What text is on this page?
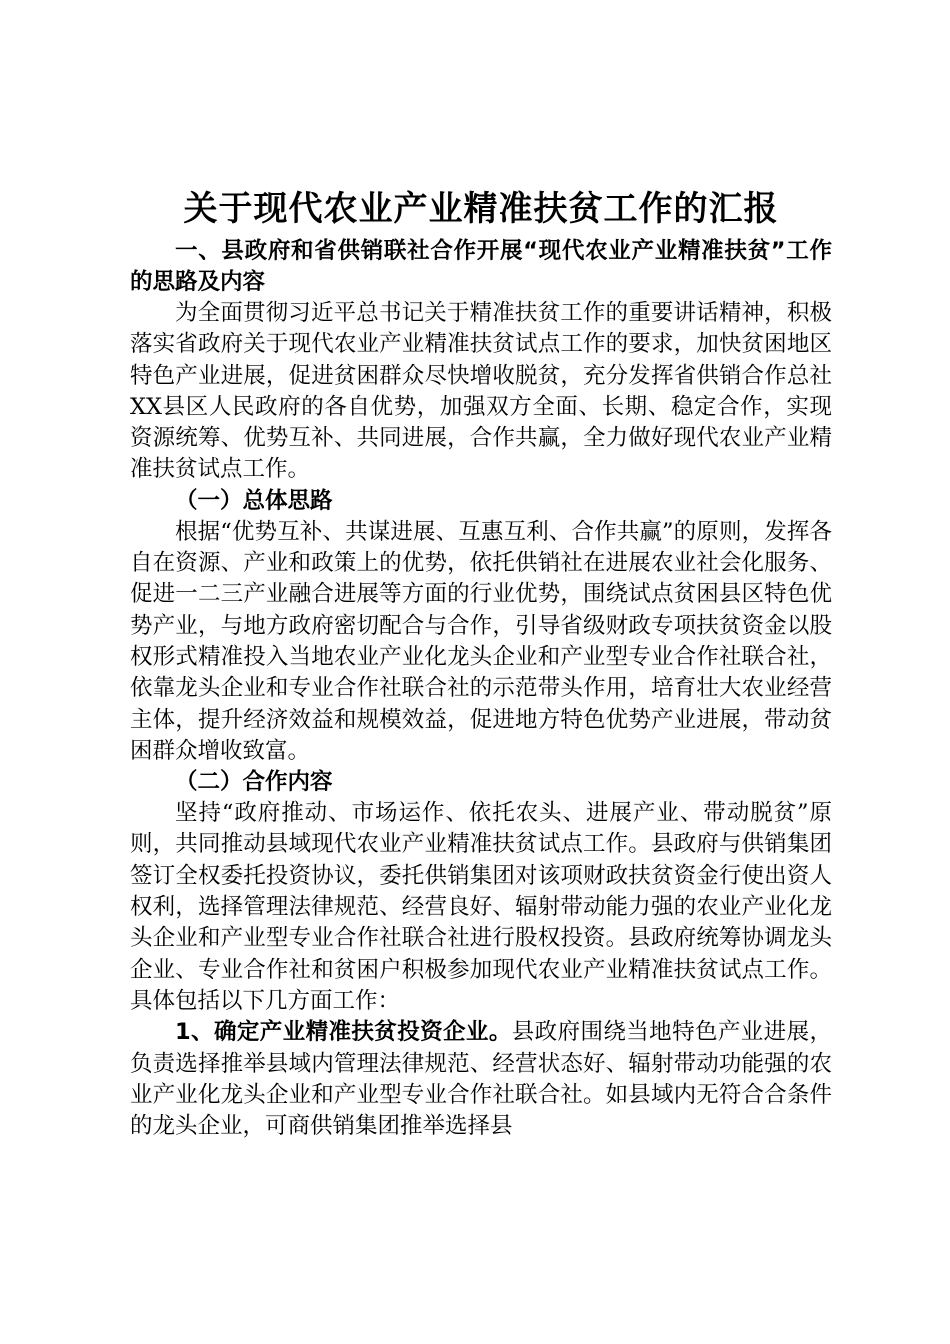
关于现代农业产业精准扶贫工作的汇报

一、县政府和省供销联社合作开展“现代农业产业精准扶贫”工作的思路及内容

为全面贯彻习近平总书记关于精准扶贫工作的重要讲话精神，积极落实省政府关于现代农业产业精准扶贫试点工作的要求，加快贫困地区特色产业进展，促进贫困群众尽快增收脱贫，充分发挥省供销合作总社XX县区人民政府的各自优势，加强双方全面、长期、稳定合作，实现资源统筹、优势互补、共同进展，合作共赢，全力做好现代农业产业精准扶贫试点工作。

（一）总体思路

根据“优势互补、共谋进展、互惠互利、合作共赢”的原则，发挥各自在资源、产业和政策上的优势，依托供销社在进展农业社会化服务、促进一二三产业融合进展等方面的行业优势，围绕试点贫困县区特色优势产业，与地方政府密切配合与合作，引导省级财政专项扶贫资金以股权形式精准投入当地农业产业化龙头企业和产业型专业合作社联合社，依靠龙头企业和专业合作社联合社的示范带头作用，培育壮大农业经营主体，提升经济效益和规模效益，促进地方特色优势产业进展，带动贫困群众增收致富。

（二）合作内容

坚持“政府推动、市场运作、依托农头、进展产业、带动脱贫”原则，共同推动县域现代农业产业精准扶贫试点工作。县政府与供销集团签订全权委托投资协议，委托供销集团对该项财政扶贫资金行使出资人权利，选择管理法律规范、经营良好、辐射带动能力强的农业产业化龙头企业和产业型专业合作社联合社进行股权投资。县政府统筹协调龙头企业、专业合作社和贫困户积极参加现代农业产业精准扶贫试点工作。具体包括以下几方面工作：

1、确定产业精准扶贫投资企业。县政府围绕当地特色产业进展，负责选择推举县域内管理法律规范、经营状态好、辐射带动功能强的农业产业化龙头企业和产业型专业合作社联合社。如县域内无符合合条件的龙头企业，可商供销集团推举选择县
